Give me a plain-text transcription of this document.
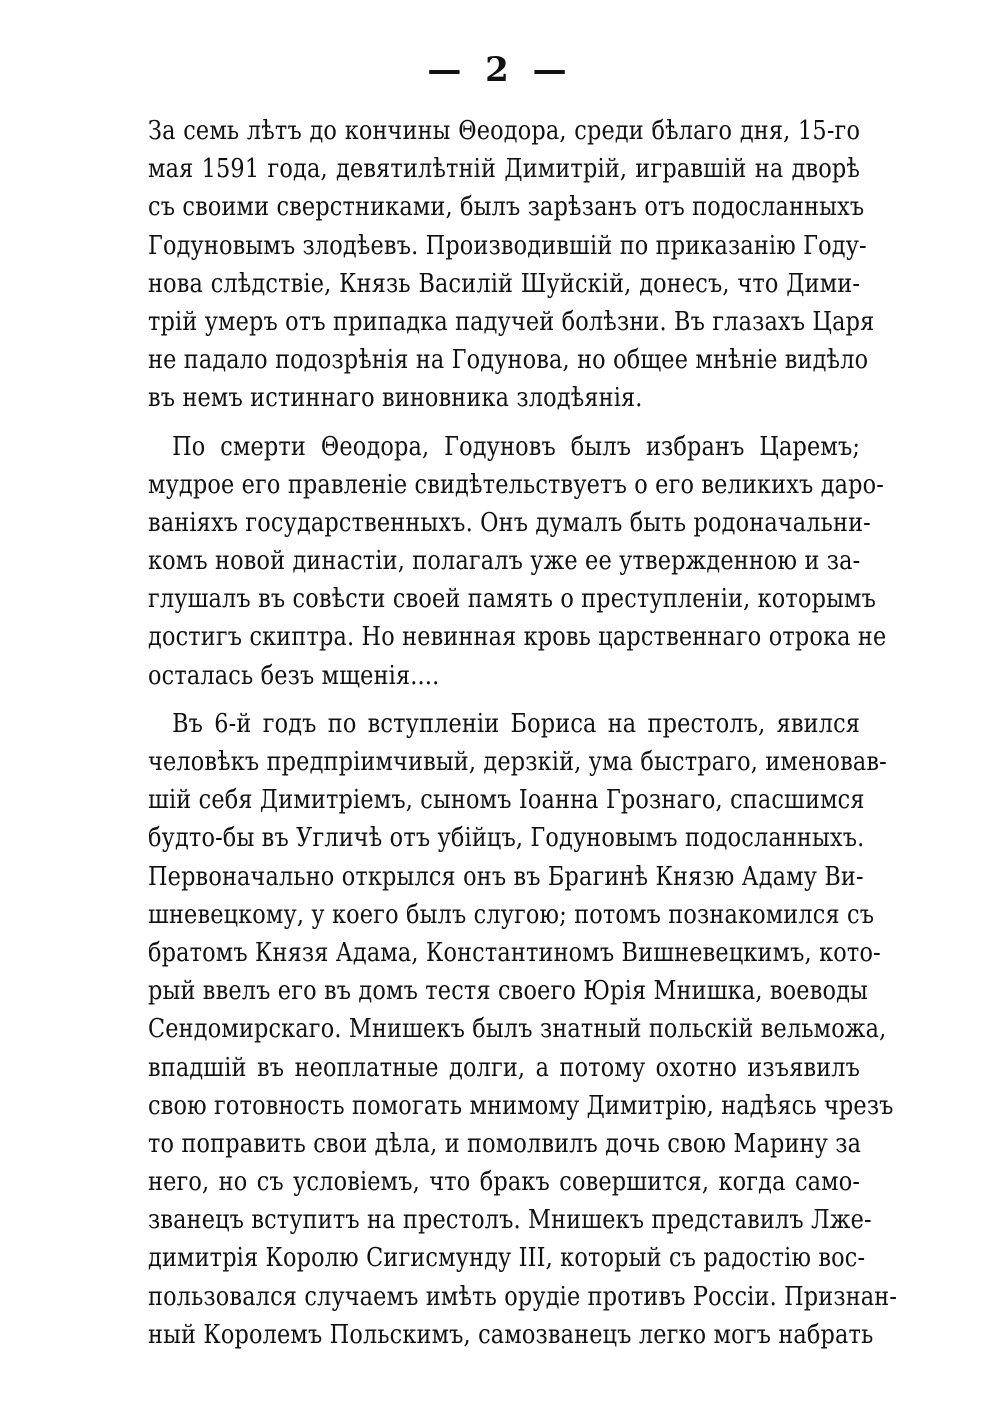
— 2 —
За семь лѣтъ до кончины Θеодора, среди бѣлаго дня, 15-го
мая 1591 года, девятилѣтнiй Димитрiй, игравшiй на дворѣ
съ своими сверстниками, былъ зарѣзанъ отъ подосланныхъ
Годуновымъ злодѣевъ. Производившiй по приказанiю Году-
нова слѣдствiе, Князь Василiй Шуйскiй, донесъ, что Дими-
трiй умеръ отъ припадка падучей болѣзни. Въ глазахъ Царя
не падало подозрѣнiя на Годунова, но общее мнѣнiе видѣло
въ немъ истиннаго виновника злодѣянiя.
По смерти Θеодора, Годуновъ былъ избранъ Царемъ;
мудрое его правленiе свидѣтельствуетъ о его великихъ даро-
ванiяхъ государственныхъ. Онъ думалъ быть родоначальни-
комъ новой династiи, полагалъ уже ее утвержденною и за-
глушалъ въ совѣсти своей память о преступленiи, которымъ
достигъ скиптра. Но невинная кровь царственнаго отрока не
осталась безъ мщенiя....
Въ 6-й годъ по вступленiи Бориса на престолъ, явился
человѣкъ предпрiимчивый, дерзкiй, ума быстраго, именовав-
шiй себя Димитрiемъ, сыномъ Iоанна Грознаго, спасшимся
будто-бы въ Угличѣ отъ убiйцъ, Годуновымъ подосланныхъ.
Первоначально открылся онъ въ Брагинѣ Князю Адаму Ви-
шневецкому, у коего былъ слугою; потомъ познакомился съ
братомъ Князя Адама, Константиномъ Вишневецкимъ, кото-
рый ввелъ его въ домъ тестя своего Юрiя Мнишка, воеводы
Сендомирскаго. Мнишекъ былъ знатный польскiй вельможа,
впадшiй въ неоплатные долги, а потому охотно изъявилъ
свою готовность помогать мнимому Димитрiю, надѣясь чрезъ
то поправить свои дѣла, и помолвилъ дочь свою Марину за
него, но съ условiемъ, что бракъ совершится, когда само-
званецъ вступитъ на престолъ. Мнишекъ представилъ Лже-
димитрiя Королю Сигисмунду III, который съ радостiю вос-
пользовался случаемъ имѣть орудiе противъ Россiи. Признан-
ный Королемъ Польскимъ, самозванецъ легко могъ набрать
